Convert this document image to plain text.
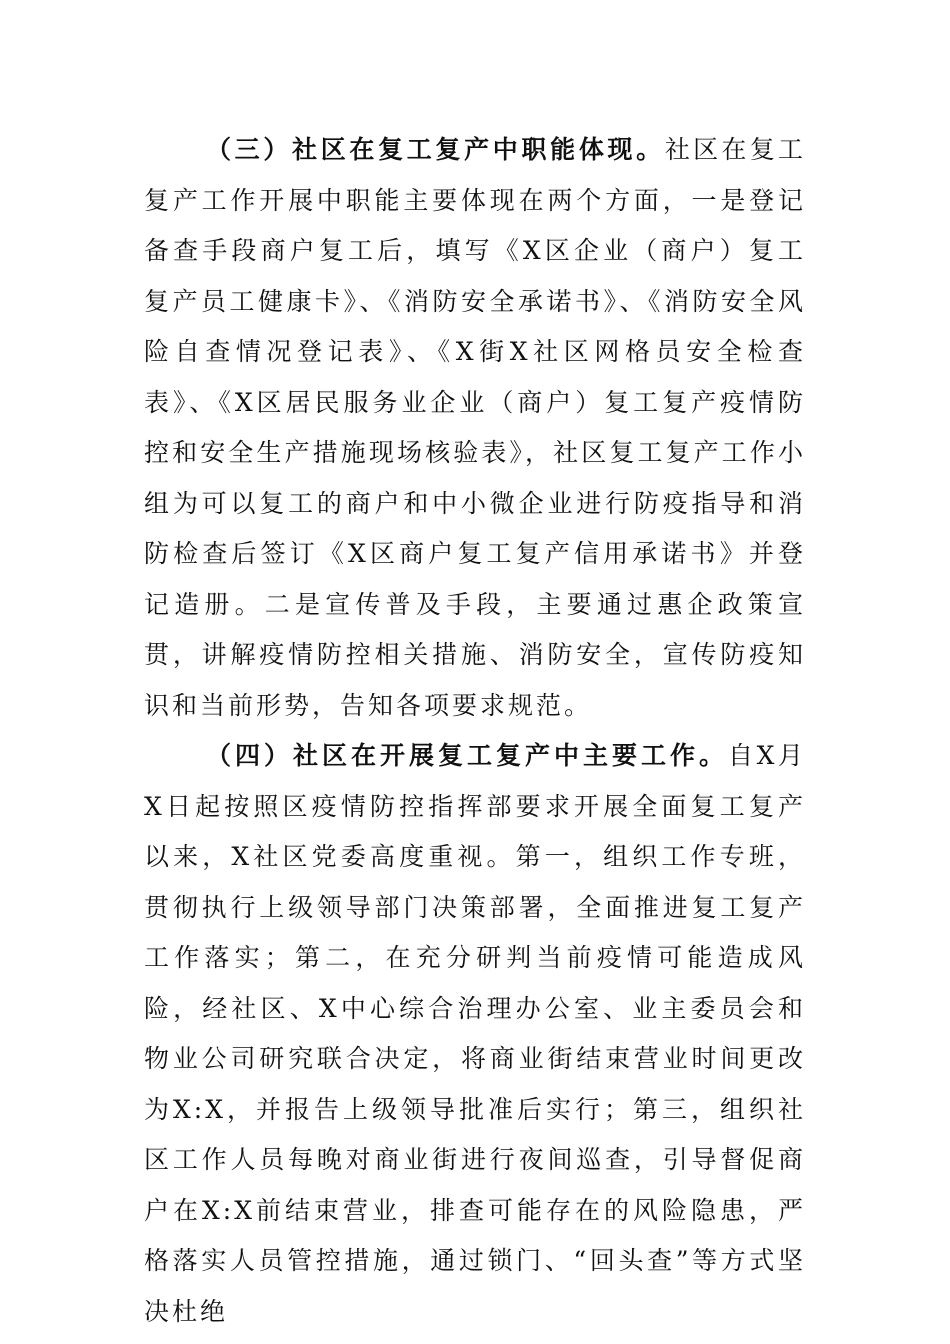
（三）社区在复工复产中职能体现。社区在复工复产工作开展中职能主要体现在两个方面，一是登记备查手段商户复工后，填写《X区企业（商户）复工复产员工健康卡》、《消防安全承诺书》、《消防安全风险自查情况登记表》、《X街X社区网格员安全检查表》、《X区居民服务业企业（商户）复工复产疫情防控和安全生产措施现场核验表》，社区复工复产工作小组为可以复工的商户和中小微企业进行防疫指导和消防检查后签订《X区商户复工复产信用承诺书》并登记造册。二是宣传普及手段，主要通过惠企政策宣贯，讲解疫情防控相关措施、消防安全，宣传防疫知识和当前形势，告知各项要求规范。

（四）社区在开展复工复产中主要工作。自X月X日起按照区疫情防控指挥部要求开展全面复工复产以来，X社区党委高度重视。第一，组织工作专班，贯彻执行上级领导部门决策部署，全面推进复工复产工作落实；第二，在充分研判当前疫情可能造成风险，经社区、X中心综合治理办公室、业主委员会和物业公司研究联合决定，将商业街结束营业时间更改为X:X，并报告上级领导批准后实行；第三，组织社区工作人员每晚对商业街进行夜间巡查，引导督促商户在X:X前结束营业，排查可能存在的风险隐患，严格落实人员管控措施，通过锁门、“回头查”等方式坚决杜绝
